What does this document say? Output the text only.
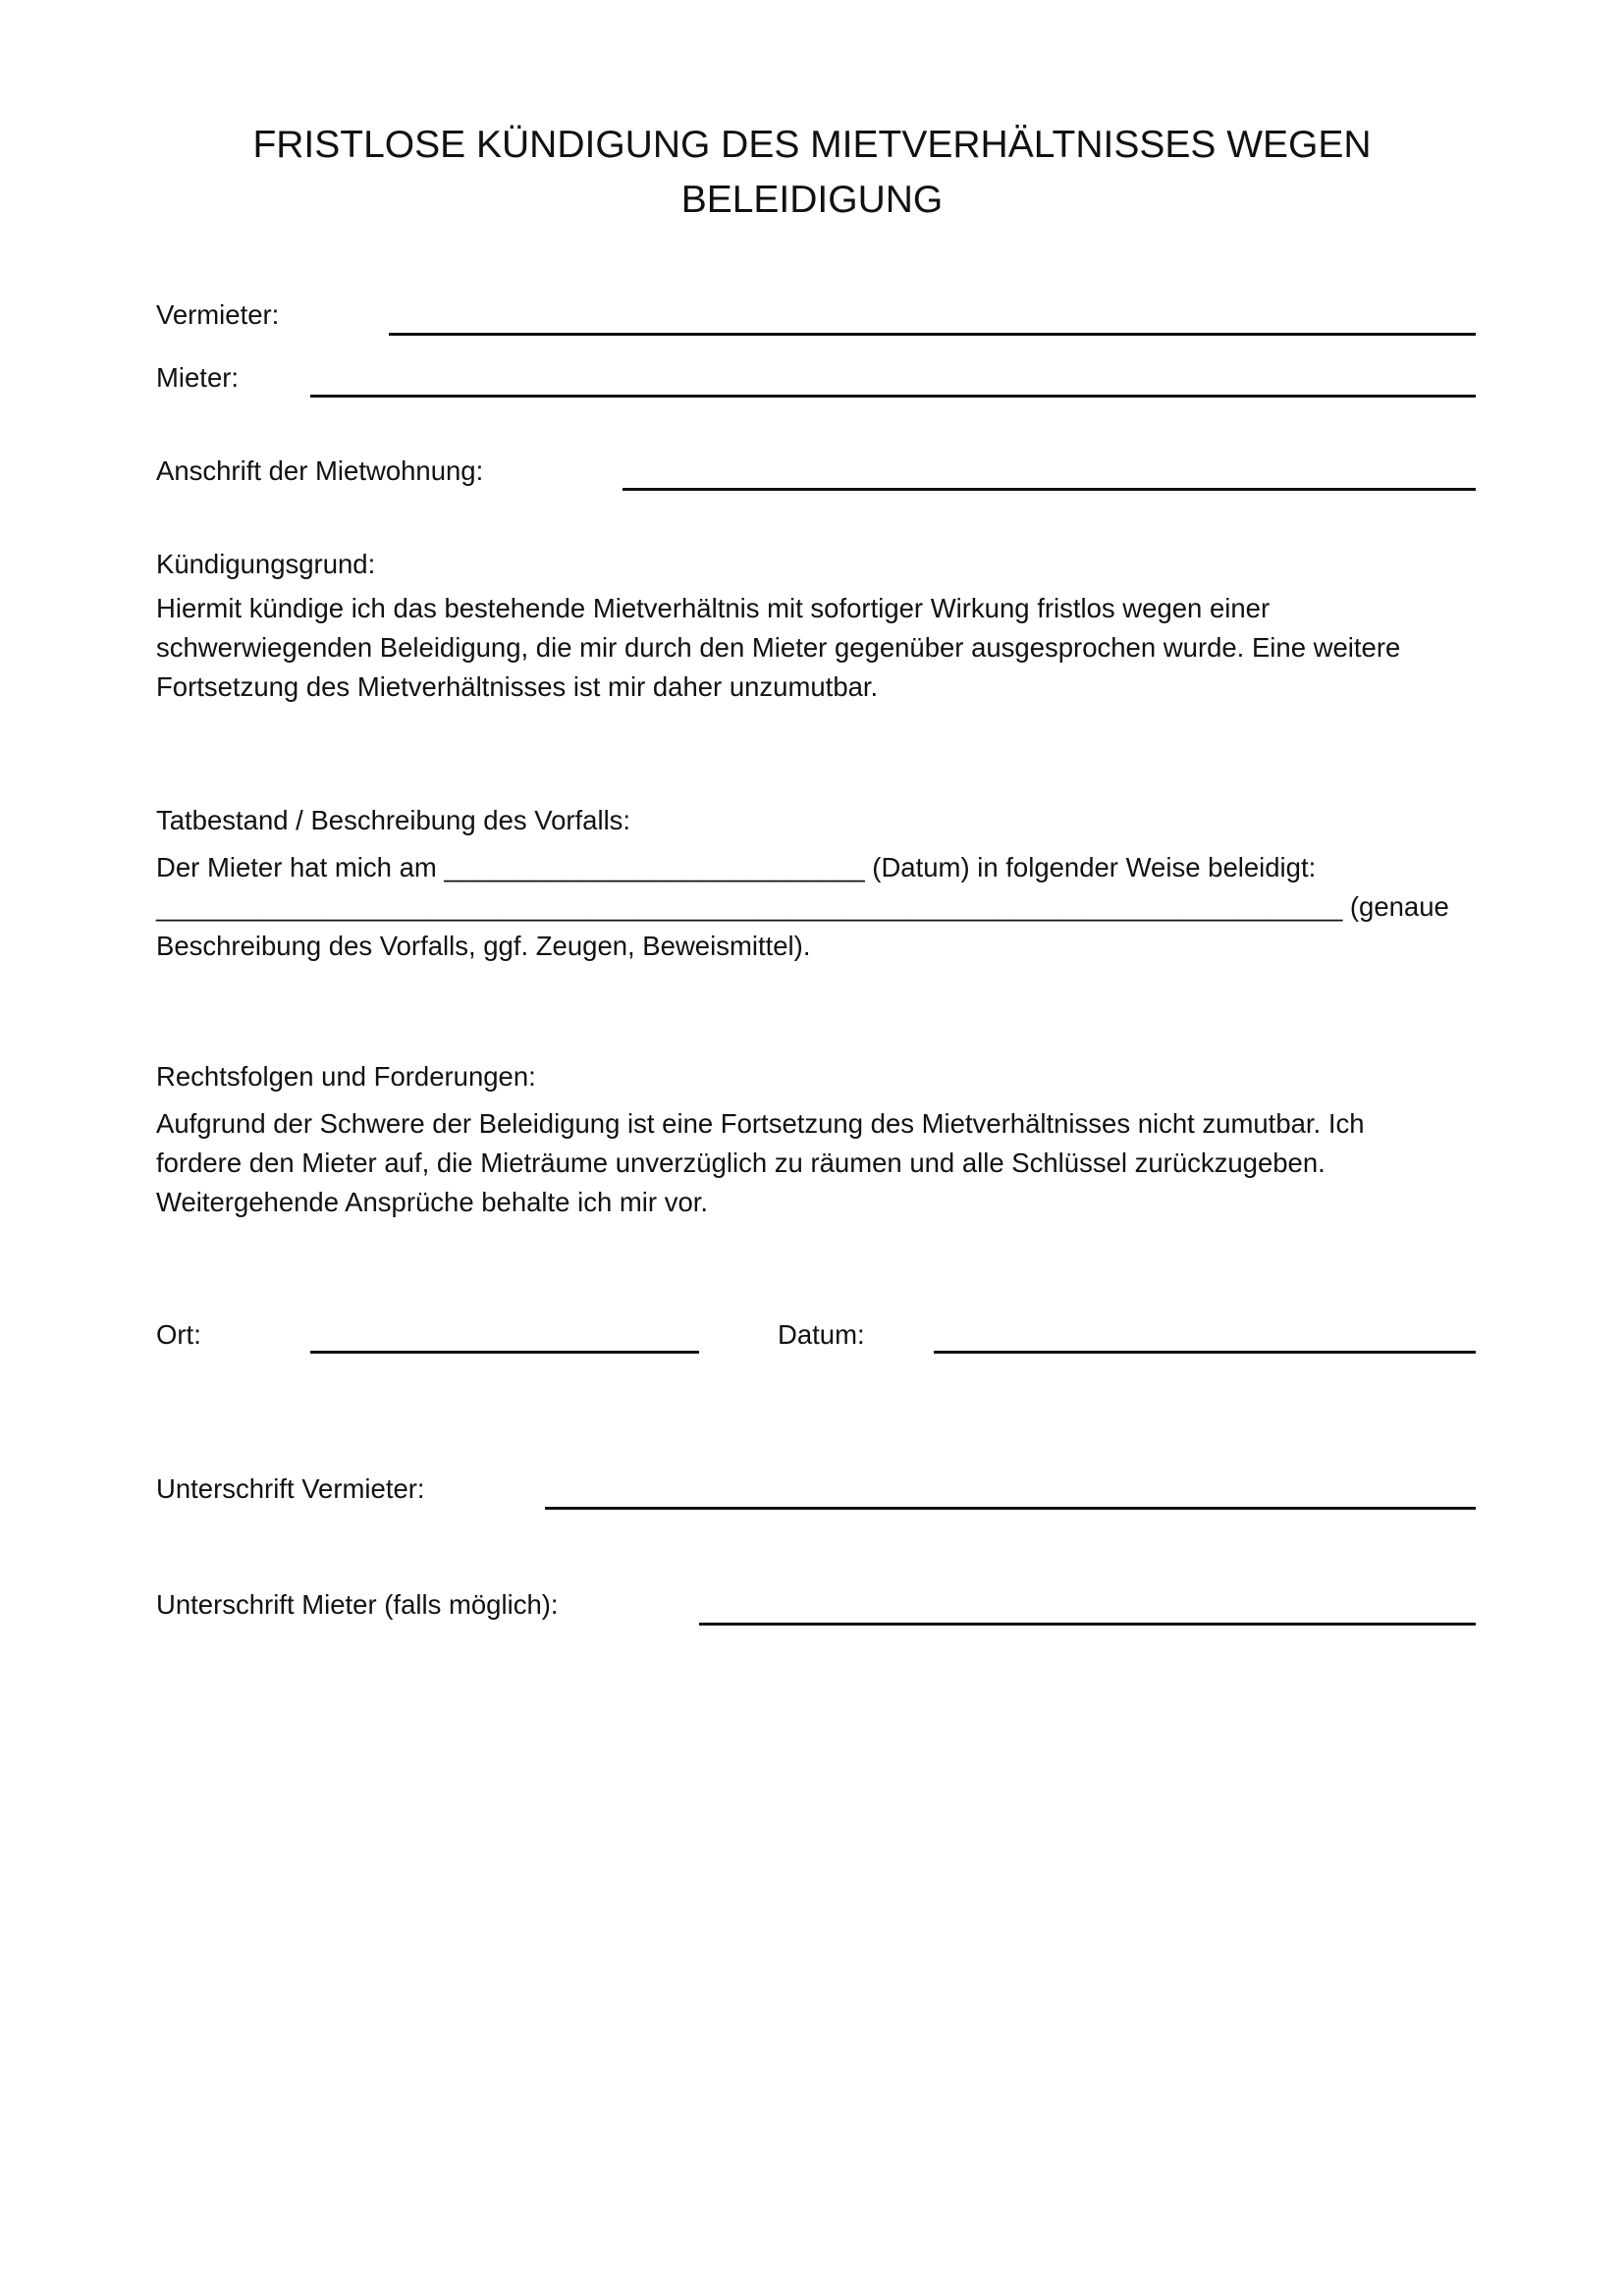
FRISTLOSE KÜNDIGUNG DES MIETVERHÄLTNISSES WEGEN
BELEIDIGUNG
Vermieter:
Mieter:
Anschrift der Mietwohnung:
Kündigungsgrund:
Hiermit kündige ich das bestehende Mietverhältnis mit sofortiger Wirkung fristlos wegen einer
schwerwiegenden Beleidigung, die mir durch den Mieter gegenüber ausgesprochen wurde. Eine weitere
Fortsetzung des Mietverhältnisses ist mir daher unzumutbar.
Tatbestand / Beschreibung des Vorfalls:
Der Mieter hat mich am ____________________________ (Datum) in folgender Weise beleidigt:
_______________________________________________________________________________ (genaue
Beschreibung des Vorfalls, ggf. Zeugen, Beweismittel).
Rechtsfolgen und Forderungen:
Aufgrund der Schwere der Beleidigung ist eine Fortsetzung des Mietverhältnisses nicht zumutbar. Ich
fordere den Mieter auf, die Mieträume unverzüglich zu räumen und alle Schlüssel zurückzugeben.
Weitergehende Ansprüche behalte ich mir vor.
Ort:	Datum:
Unterschrift Vermieter:
Unterschrift Mieter (falls möglich):
